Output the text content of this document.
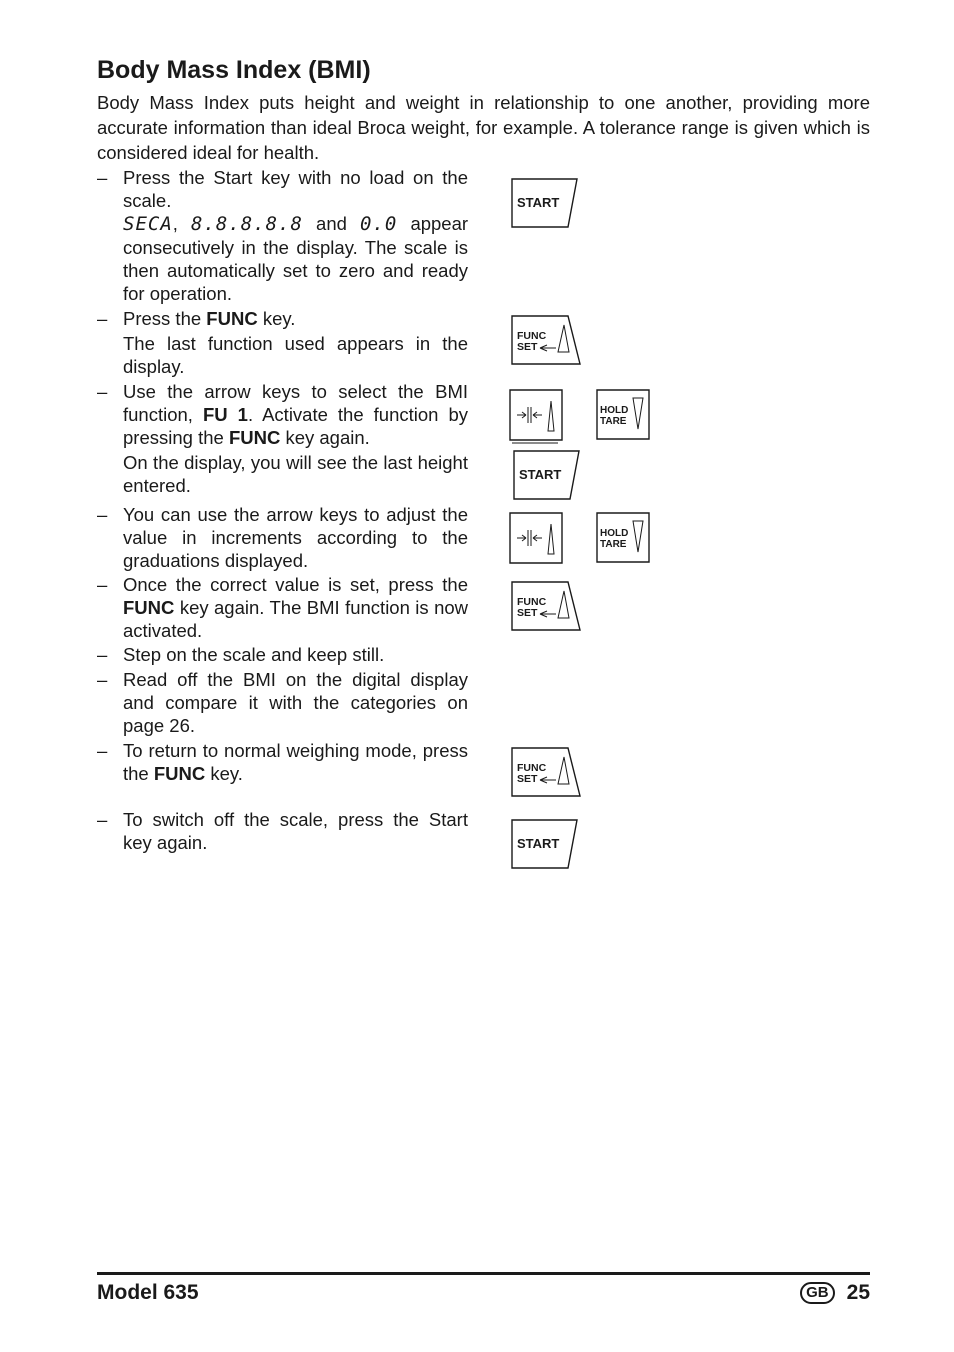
Body Mass Index (BMI)

Body Mass Index puts height and weight in relationship to one another, providing more accurate information than ideal Broca weight, for example. A tolerance range is given which is considered ideal for health.

– Press the Start key with no load on the scale.
SECA, 8.8.8.8.8 and 0.0 appear consecutively in the display. The scale is then automatically set to zero and ready for operation.

– Press the FUNC key.

The last function used appears in the display.

– Use the arrow keys to select the BMI function, FU 1. Activate the function by pressing the FUNC key again.

On the display, you will see the last height entered.

– You can use the arrow keys to adjust the value in increments according to the graduations displayed.

– Once the correct value is set, press the FUNC key again. The BMI function is now activated.

– Step on the scale and keep still.

– Read off the BMI on the digital display and compare it with the categories on page 26.

– To return to normal weighing mode, press the FUNC key.

– To switch off the scale, press the Start key again.

START
FUNC
SET
HOLD
TARE
START
HOLD
TARE
FUNC
SET
FUNC
SET
START
Model 635	GB 25
